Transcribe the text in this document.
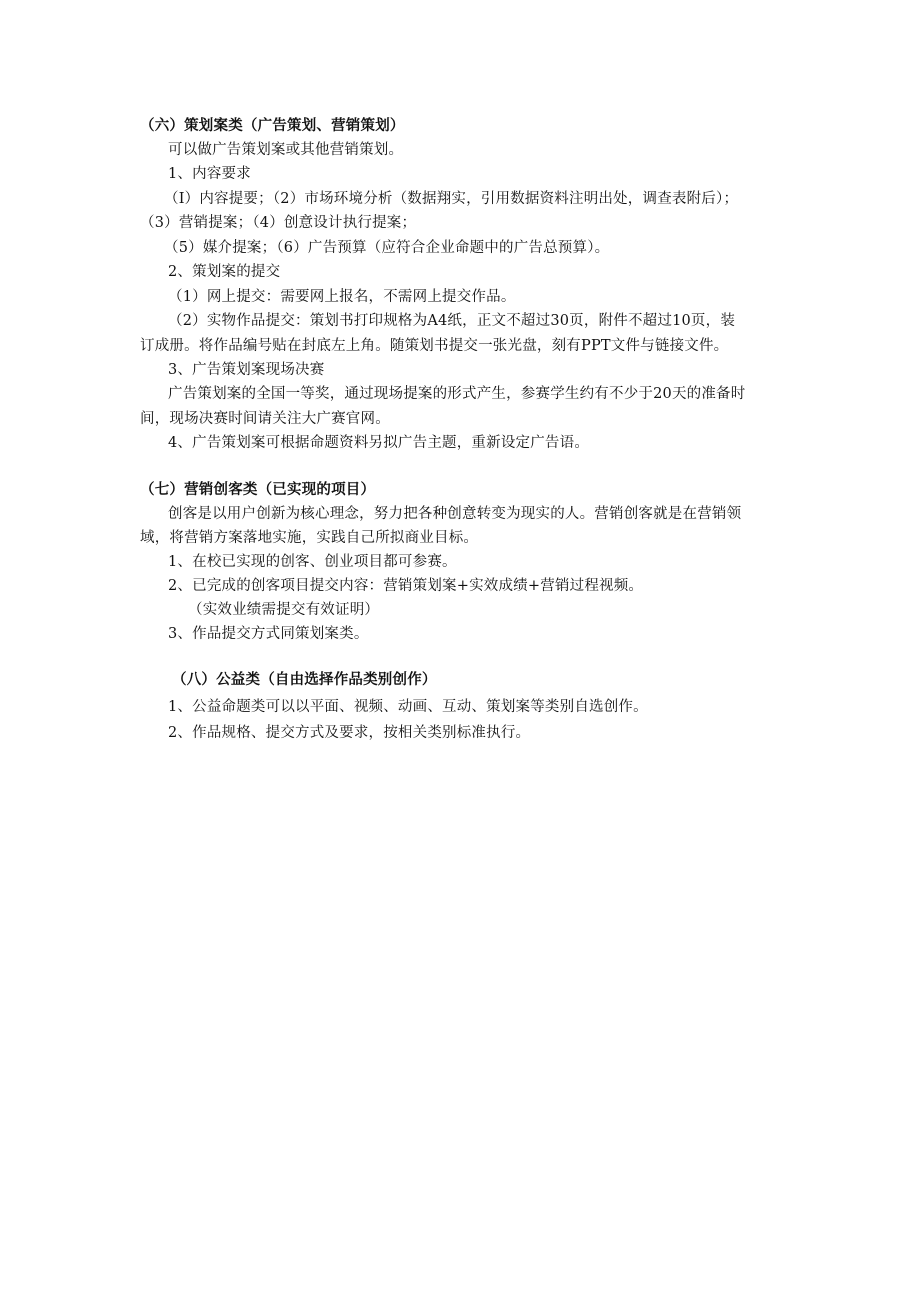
（六）策划案类（广告策划、营销策划）
可以做广告策划案或其他营销策划。
1、内容要求
（I）内容提要；（2）市场环境分析（数据翔实，引用数据资料注明出处，调查表附后）；
（3）营销提案；（4）创意设计执行提案；
（5）媒介提案；（6）广告预算（应符合企业命题中的广告总预算）。
2、策划案的提交
（1）网上提交：需要网上报名，不需网上提交作品。
（2）实物作品提交：策划书打印规格为A4纸，正文不超过30页，附件不超过10页，装
订成册。将作品编号贴在封底左上角。随策划书提交一张光盘，刻有PPT文件与链接文件。
3、广告策划案现场决赛
广告策划案的全国一等奖，通过现场提案的形式产生，参赛学生约有不少于20天的准备时
间，现场决赛时间请关注大广赛官网。
4、广告策划案可根据命题资料另拟广告主题，重新设定广告语。
（七）营销创客类（已实现的项目）
创客是以用户创新为核心理念，努力把各种创意转变为现实的人。营销创客就是在营销领
域，将营销方案落地实施，实践自己所拟商业目标。
1、在校已实现的创客、创业项目都可参赛。
2、已完成的创客项目提交内容：营销策划案+实效成绩+营销过程视频。
（实效业绩需提交有效证明）
3、作品提交方式同策划案类。
（八）公益类（自由选择作品类别创作）
1、公益命题类可以以平面、视频、动画、互动、策划案等类别自选创作。
2、作品规格、提交方式及要求，按相关类别标准执行。
